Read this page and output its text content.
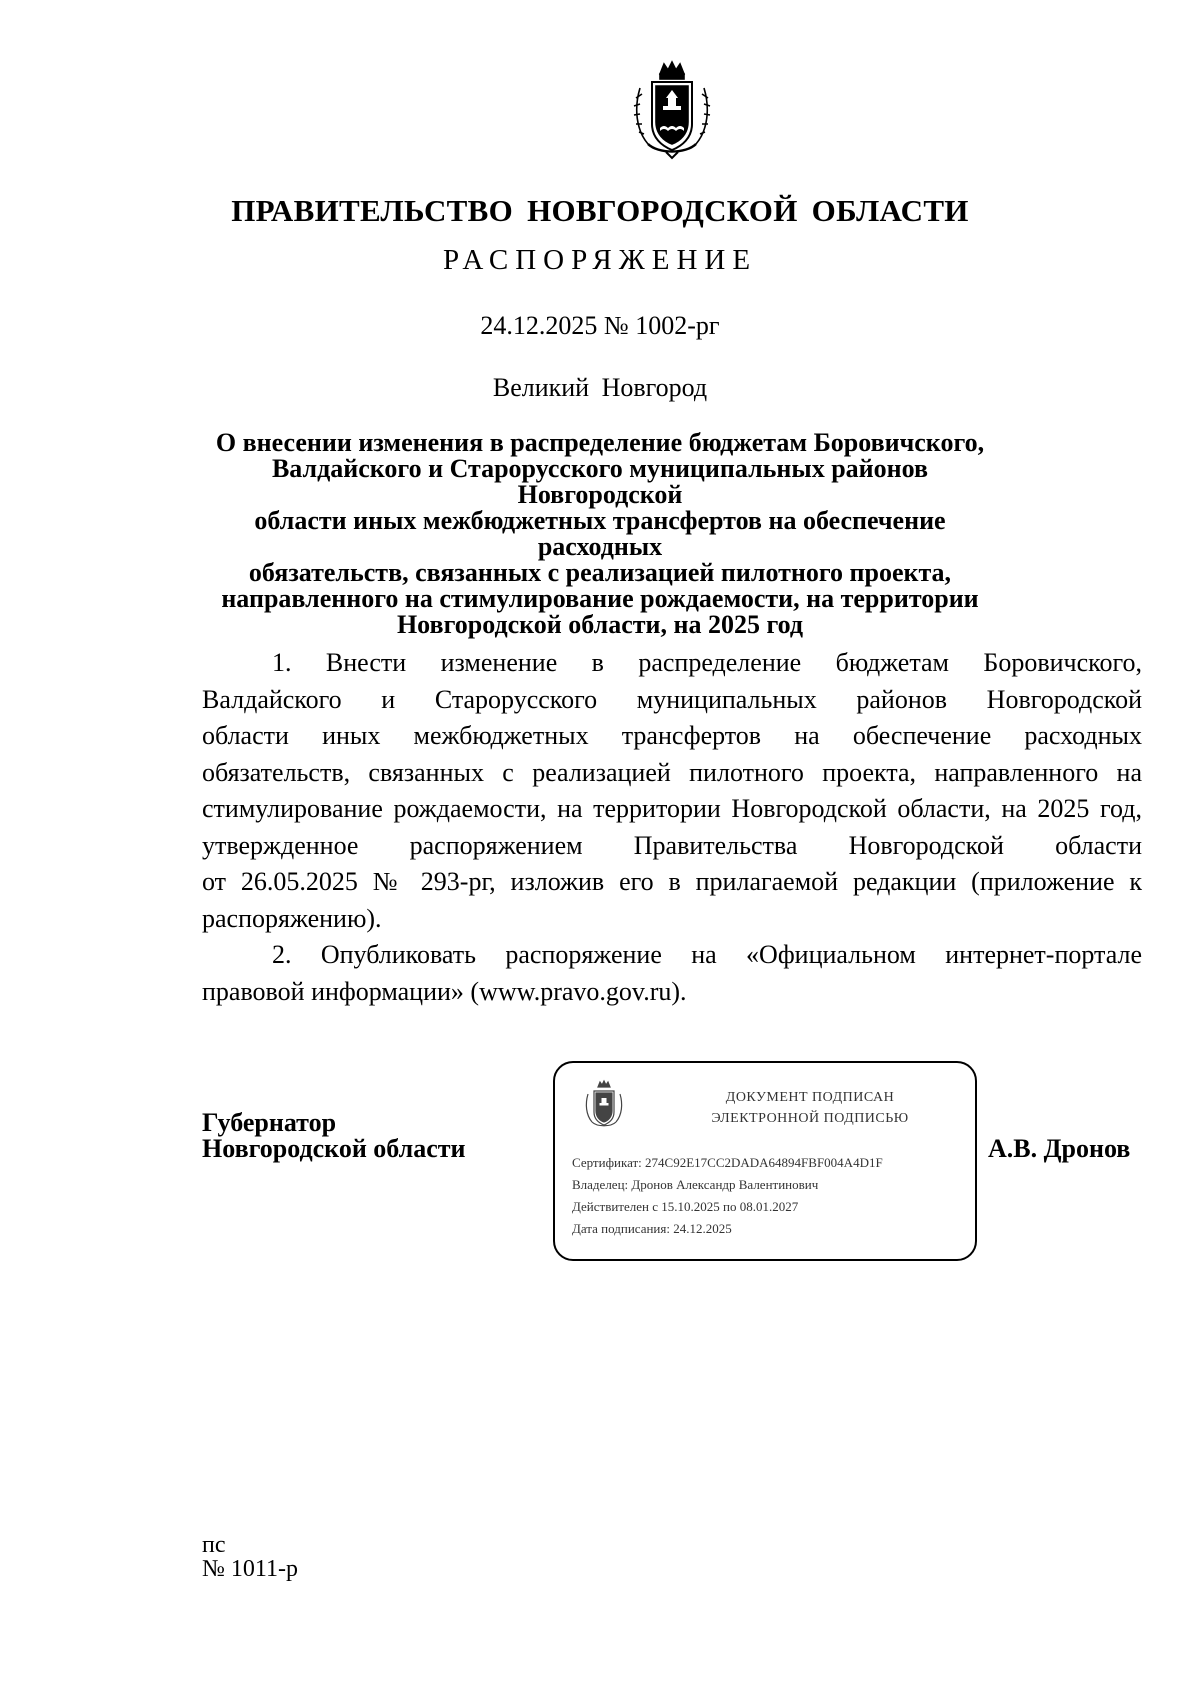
ПРАВИТЕЛЬСТВО НОВГОРОДСКОЙ ОБЛАСТИ
РАСПОРЯЖЕНИЕ
24.12.2025 № 1002-рг
Великий Новгород
О внесении изменения в распределение бюджетам Боровичского,
Валдайского и Старорусского муниципальных районов Новгородской
области иных межбюджетных трансфертов на обеспечение расходных
обязательств, связанных с реализацией пилотного проекта,
направленного на стимулирование рождаемости, на территории
Новгородской области, на 2025 год
1. Внести изменение в распределение бюджетам Боровичского,
Валдайского и Старорусского муниципальных районов Новгородской
области иных межбюджетных трансфертов на обеспечение расходных
обязательств, связанных с реализацией пилотного проекта, направленного на
стимулирование рождаемости, на территории Новгородской области, на 2025 год,
утвержденное распоряжением Правительства Новгородской области
от 26.05.2025 № 293-рг, изложив его в прилагаемой редакции (приложение к
распоряжению).
2. Опубликовать распоряжение на «Официальном интернет-портале
правовой информации» (www.pravo.gov.ru).
Губернатор
Новгородской области
ДОКУМЕНТ ПОДПИСАН
ЭЛЕКТРОННОЙ ПОДПИСЬЮ
Сертификат: 274C92E17CC2DADA64894FBF004A4D1F
Владелец: Дронов Александр Валентинович
Действителен с 15.10.2025 по 08.01.2027
Дата подписания: 24.12.2025
А.В. Дронов
пс
№ 1011-р
